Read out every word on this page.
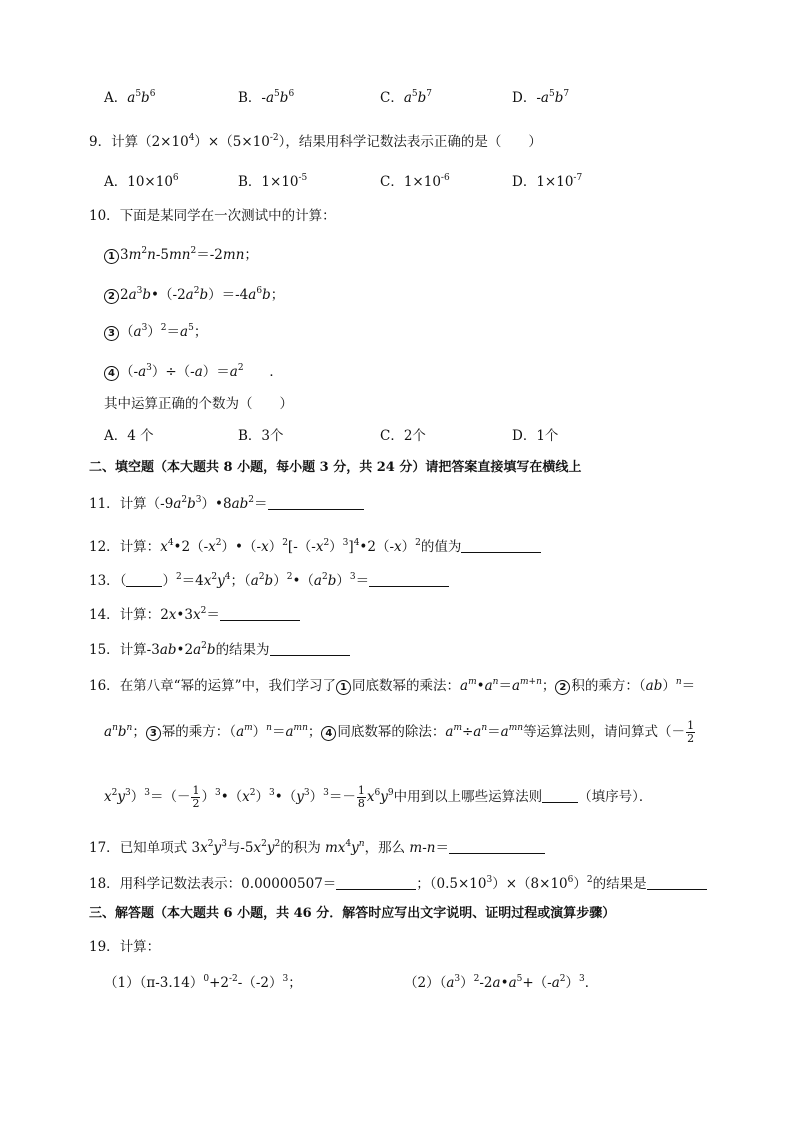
A．$a^5b^6$	B．$-a^5b^6$	C．$a^5b^7$	D．$-a^5b^7$
9．计算$(2\times 10^4)\times(5\times 10^{-2})$，结果用科学记数法表示正确的是（　　）
A．$10\times 10^6$	B．$1\times 10^{-5}$	C．$1\times 10^{-6}$	D．$1\times 10^{-7}$
10．下面是某同学在一次测试中的计算：
1 $3m^2n-5mn^2=-2mn$；
2 $2a^3b•(-2a^2b)=-4a^6b$；
3 $(a^3)^2=a^5$；
4 $(-a^3)\div(-a)=a^2$      ．
其中运算正确的个数为（　　）
A．4 个	B．3个	C．2个	D．1个
二、填空题（本大题共 8 小题，每小题 3 分，共 24 分）请把答案直接填写在横线上
11．计算$(-9a^2b^3)•8ab^2=$
12．计算：$x^4•2(-x^2)•(-x)^2[-(-x^2)^3]^4•2(-x)^2$的值为
13．（	）$^2=4x^2y^4$；$(a^2b)^2•(a^2b)^3=$
14．计算：$2x•3x^2=$
15．计算$-3ab•2a^2b$的结果为
16．在第八章“幂的运算”中，我们学习了 1 同底数幂的乘法：$a^m•a^n=a^{m+n}$； 2 积的乘方：（ab）$^n$＝
$a^nb^n$； 3 幂的乘方：$(a^m)^n=a^{mn}$； 4 同底数幂的除法：$a^m\div a^n=a^{mn}$等运算法则，请问算式（－ $\frac{1}{2}$
$x^2y^3)^3=(- \frac{1}{2}$ ）$^3•(x^2)^3•(y^3)^3=- \frac{1}{8} x^6y^9$中用到以上哪些运算法则	（填序号）．
17．已知单项式 $3x^2y^3$与$-5x^2y^2$的积为 $mx^4y^n$，那么 m-n＝
18．用科学记数法表示：0.00000507＝	；$(0.5\times 10^3)\times(8\times 10^6)^2$的结果是
三、解答题（本大题共 6 小题，共 46 分．解答时应写出文字说明、证明过程或演算步骤）
19．计算：
$(1)(\pi-3.14)^0+2^{-2}-(-2)^3$；	$(2)(a^3)^2-2a•a^5+(-a^2)^3$．
